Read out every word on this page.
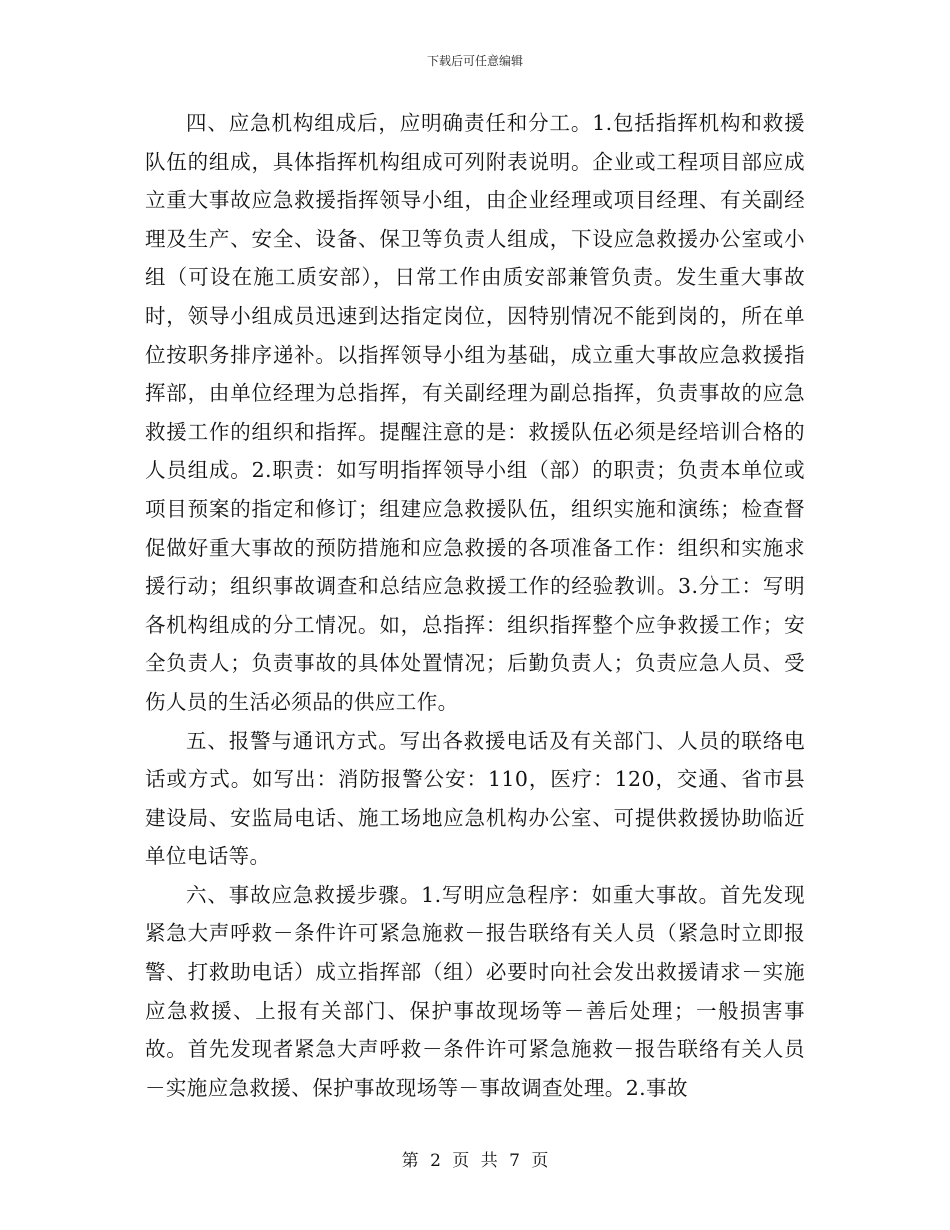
下载后可任意编辑

四、应急机构组成后，应明确责任和分工。1.包括指挥机构和救援队伍的组成，具体指挥机构组成可列附表说明。企业或工程项目部应成立重大事故应急救援指挥领导小组，由企业经理或项目经理、有关副经理及生产、安全、设备、保卫等负责人组成，下设应急救援办公室或小组（可设在施工质安部），日常工作由质安部兼管负责。发生重大事故时，领导小组成员迅速到达指定岗位，因特别情况不能到岗的，所在单位按职务排序递补。以指挥领导小组为基础，成立重大事故应急救援指挥部，由单位经理为总指挥，有关副经理为副总指挥，负责事故的应急救援工作的组织和指挥。提醒注意的是：救援队伍必须是经培训合格的人员组成。2.职责：如写明指挥领导小组（部）的职责；负责本单位或项目预案的指定和修订；组建应急救援队伍，组织实施和演练；检查督促做好重大事故的预防措施和应急救援的各项准备工作：组织和实施求援行动；组织事故调查和总结应急救援工作的经验教训。3.分工：写明各机构组成的分工情况。如，总指挥：组织指挥整个应争救援工作；安全负责人；负责事故的具体处置情况；后勤负责人；负责应急人员、受伤人员的生活必须品的供应工作。

五、报警与通讯方式。写出各救援电话及有关部门、人员的联络电话或方式。如写出：消防报警公安：110，医疗：120，交通、省市县建设局、安监局电话、施工场地应急机构办公室、可提供救援协助临近单位电话等。

六、事故应急救援步骤。1.写明应急程序：如重大事故。首先发现紧急大声呼救－条件许可紧急施救－报告联络有关人员（紧急时立即报警、打救助电话）成立指挥部（组）必要时向社会发出救援请求－实施应急救援、上报有关部门、保护事故现场等－善后处理；一般损害事故。首先发现者紧急大声呼救－条件许可紧急施救－报告联络有关人员－实施应急救援、保护事故现场等－事故调查处理。2.事故

第 2 页 共 7 页
